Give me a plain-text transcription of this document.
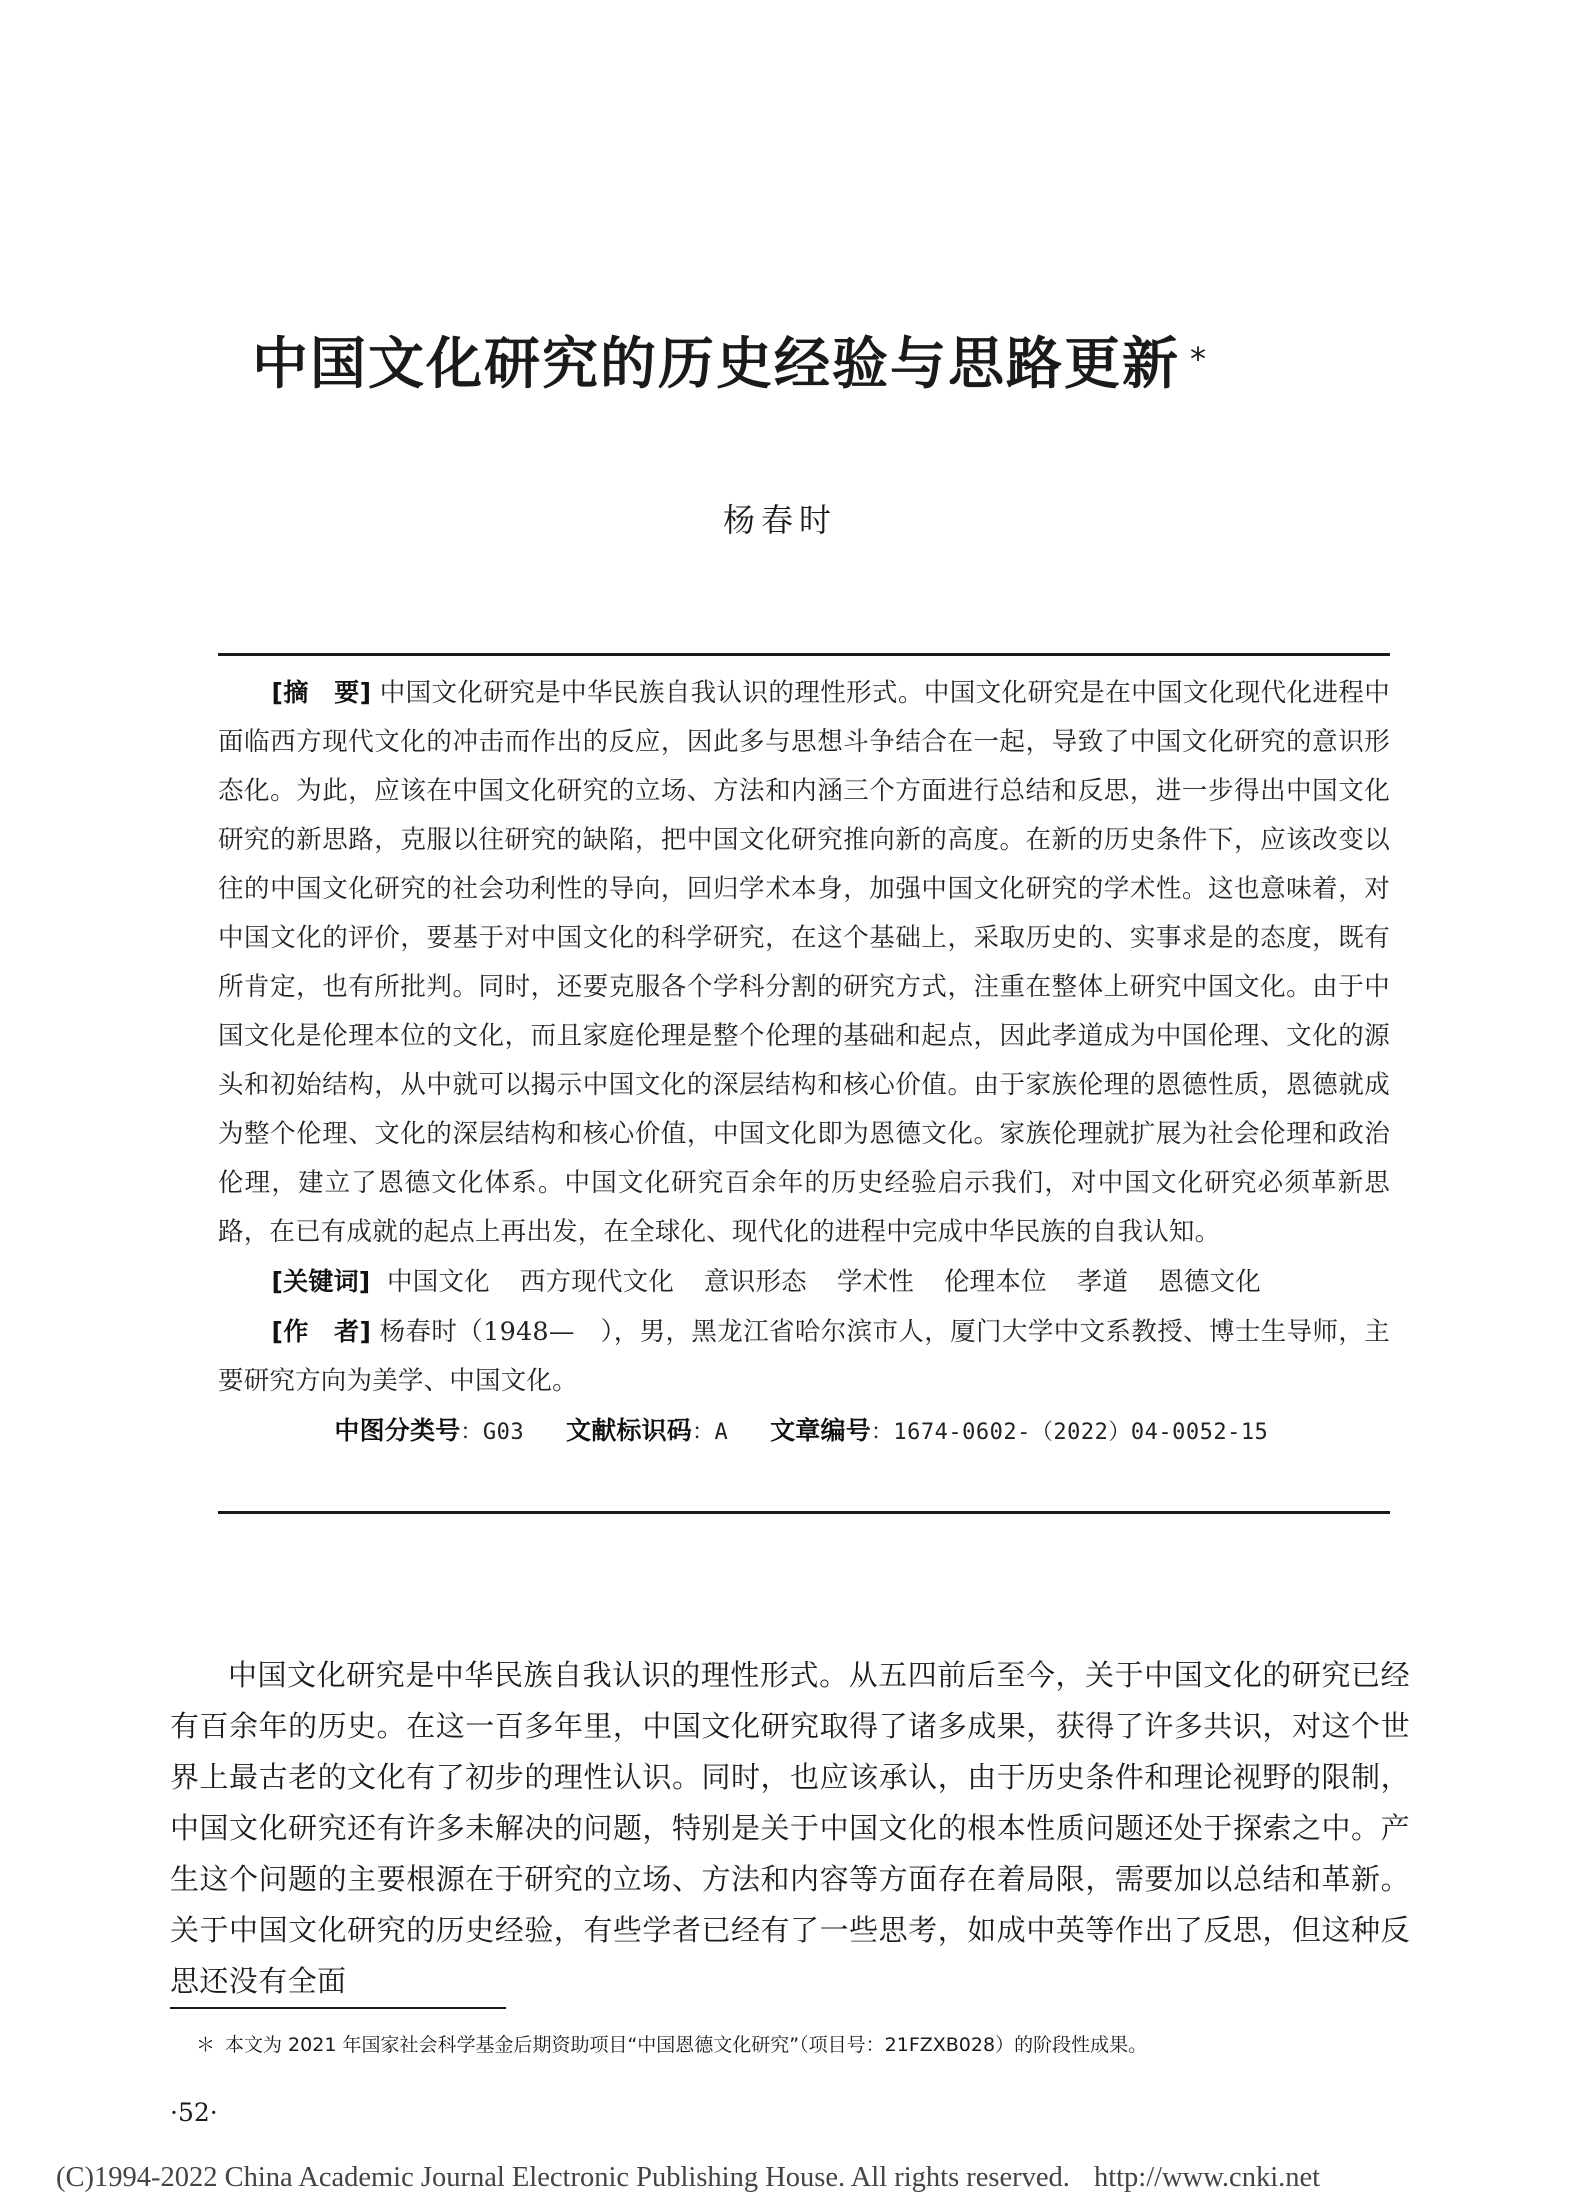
中国文化研究的历史经验与思路更新 *
杨春时

[摘　要] 中国文化研究是中华民族自我认识的理性形式。中国文化研究是在中国文化现代化进程中面临西方现代文化的冲击而作出的反应，因此多与思想斗争结合在一起，导致了中国文化研究的意识形态化。为此，应该在中国文化研究的立场、方法和内涵三个方面进行总结和反思，进一步得出中国文化研究的新思路，克服以往研究的缺陷，把中国文化研究推向新的高度。在新的历史条件下，应该改变以往的中国文化研究的社会功利性的导向，回归学术本身，加强中国文化研究的学术性。这也意味着，对中国文化的评价，要基于对中国文化的科学研究，在这个基础上，采取历史的、实事求是的态度，既有所肯定，也有所批判。同时，还要克服各个学科分割的研究方式，注重在整体上研究中国文化。由于中国文化是伦理本位的文化，而且家庭伦理是整个伦理的基础和起点，因此孝道成为中国伦理、文化的源头和初始结构，从中就可以揭示中国文化的深层结构和核心价值。由于家族伦理的恩德性质，恩德就成为整个伦理、文化的深层结构和核心价值，中国文化即为恩德文化。家族伦理就扩展为社会伦理和政治伦理，建立了恩德文化体系。中国文化研究百余年的历史经验启示我们，对中国文化研究必须革新思路，在已有成就的起点上再出发，在全球化、现代化的进程中完成中华民族的自我认知。

[关键词] 中国文化 西方现代文化 意识形态 学术性 伦理本位 孝道 恩德文化

[作　者] 杨春时（1948—　），男，黑龙江省哈尔滨市人，厦门大学中文系教授、博士生导师，主要研究方向为美学、中国文化。

中图分类号：G03 文献标识码：A 文章编号：1674-0602-（2022）04-0052-15

中国文化研究是中华民族自我认识的理性形式。从五四前后至今，关于中国文化的研究已经有百余年的历史。在这一百多年里，中国文化研究取得了诸多成果，获得了许多共识，对这个世界上最古老的文化有了初步的理性认识。同时，也应该承认，由于历史条件和理论视野的限制，中国文化研究还有许多未解决的问题，特别是关于中国文化的根本性质问题还处于探索之中。产生这个问题的主要根源在于研究的立场、方法和内容等方面存在着局限，需要加以总结和革新。关于中国文化研究的历史经验，有些学者已经有了一些思考，如成中英等作出了反思，但这种反思还没有全面

＊ 本文为 2021 年国家社会科学基金后期资助项目“中国恩德文化研究”（项目号：21FZXB028）的阶段性成果。
·52·
(C)1994-2022 China Academic Journal Electronic Publishing House. All rights reserved. http://www.cnki.net
